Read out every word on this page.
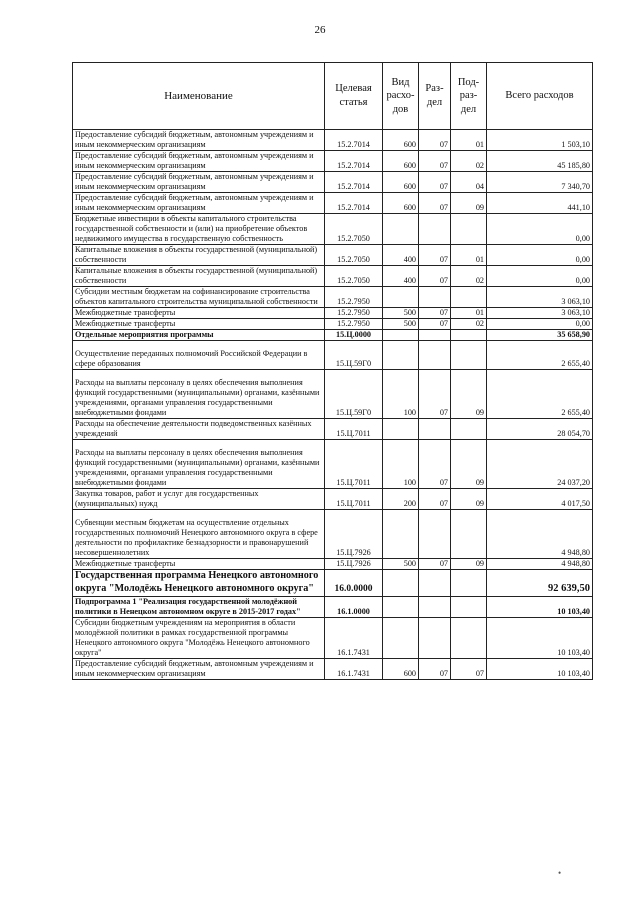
26
Наименование	Целевая статья	Вид расхо-дов	Раз-дел	Под-раз-дел	Всего расходов
Предоставление субсидий бюджетным, автономным учреждениям и иным некоммерческим организациям	15.2.7014	600	07	01	1 503,10
Предоставление субсидий бюджетным, автономным учреждениям и иным некоммерческим организациям	15.2.7014	600	07	02	45 185,80
Предоставление субсидий бюджетным, автономным учреждениям и иным некоммерческим организациям	15.2.7014	600	07	04	7 340,70
Предоставление субсидий бюджетным, автономным учреждениям и иным некоммерческим организациям	15.2.7014	600	07	09	441,10
Бюджетные инвестиции в объекты капитального строительства государственной собственности и (или) на приобретение объектов недвижимого имущества в государственную собственность	15.2.7050				0,00
Капитальные вложения в объекты государственной (муниципальной) собственности	15.2.7050	400	07	01	0,00
Капитальные вложения в объекты государственной (муниципальной) собственности	15.2.7050	400	07	02	0,00
Субсидии местным бюджетам на софинансирование строительства объектов капитального строительства муниципальной собственности	15.2.7950				3 063,10
Межбюджетные трансферты	15.2.7950	500	07	01	3 063,10
Межбюджетные трансферты	15.2.7950	500	07	02	0,00
Отдельные мероприятия программы	15.Ц.0000				35 658,90
Осуществление переданных полномочий Российской Федерации в сфере образования	15.Ц.59Г0				2 655,40
Расходы на выплаты персоналу в целях обеспечения выполнения функций государственными (муниципальными) органами, казёнными учреждениями, органами управления государственными внебюджетными фондами	15.Ц.59Г0	100	07	09	2 655,40
Расходы на обеспечение деятельности подведомственных казённых учреждений	15.Ц.7011				28 054,70
Расходы на выплаты персоналу в целях обеспечения выполнения функций государственными (муниципальными) органами, казёнными учреждениями, органами управления государственными внебюджетными фондами	15.Ц.7011	100	07	09	24 037,20
Закупка товаров, работ и услуг для государственных (муниципальных) нужд	15.Ц.7011	200	07	09	4 017,50
Субвенции местным бюджетам на осуществление отдельных государственных полномочий Ненецкого автономного округа в сфере деятельности по профилактике безнадзорности и правонарушений несовершеннолетних	15.Ц.7926				4 948,80
Межбюджетные трансферты	15.Ц.7926	500	07	09	4 948,80
Государственная программа Ненецкого автономного округа "Молодёжь Ненецкого автономного округа"	16.0.0000				92 639,50
Подпрограмма 1 "Реализация государственной молодёжной политики в Ненецком автономном округе в 2015-2017 годах"	16.1.0000				10 103,40
Субсидии бюджетным учреждениям на мероприятия в области молодёжной политики в рамках государственной программы Ненецкого автономного округа "Молодёжь Ненецкого автономного округа"	16.1.7431				10 103,40
Предоставление субсидий бюджетным, автономным учреждениям и иным некоммерческим организациям	16.1.7431	600	07	07	10 103,40
•
